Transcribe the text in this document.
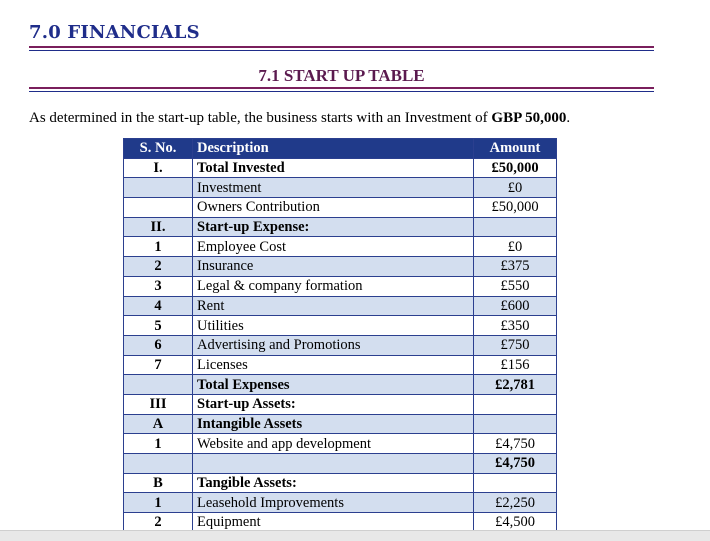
7.0 FINANCIALS
7.1 START UP TABLE
As determined in the start-up table, the business starts with an Investment of GBP 50,000.
S. No.	Description	Amount
I.	Total Invested	£50,000
	Investment	£0
	Owners Contribution	£50,000
II.	Start-up Expense:	
1	Employee Cost	£0
2	Insurance	£375
3	Legal & company formation	£550
4	Rent	£600
5	Utilities	£350
6	Advertising and Promotions	£750
7	Licenses	£156
	Total Expenses	£2,781
III	Start-up Assets:	
A	Intangible Assets	
1	Website and app development	£4,750
		£4,750
B	Tangible Assets:	
1	Leasehold Improvements	£2,250
2	Equipment	£4,500
